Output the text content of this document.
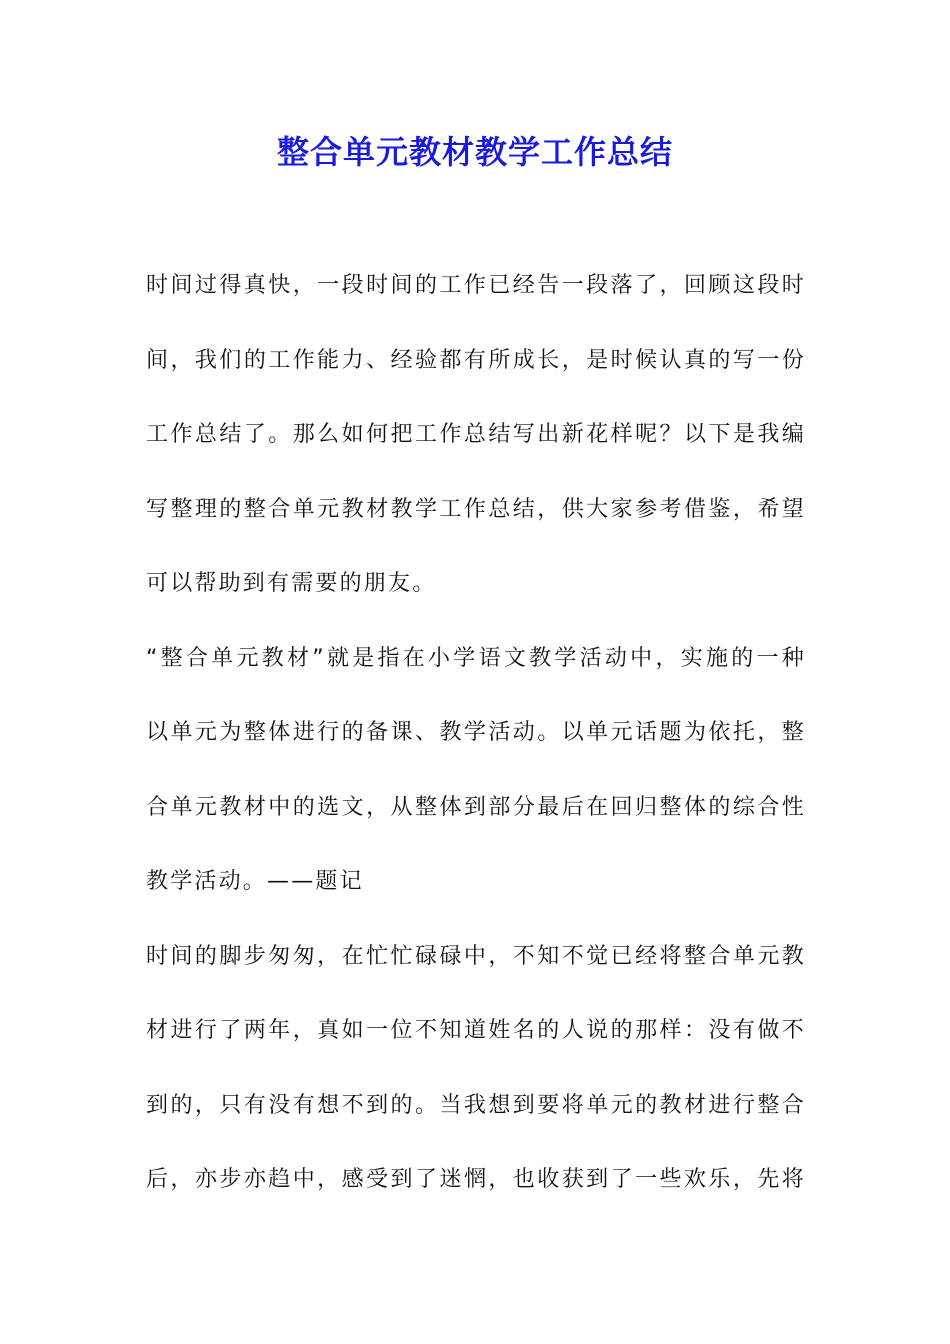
整合单元教材教学工作总结
时间过得真快，一段时间的工作已经告一段落了，回顾这段时
间，我们的工作能力、经验都有所成长，是时候认真的写一份
工作总结了。那么如何把工作总结写出新花样呢？以下是我编
写整理的整合单元教材教学工作总结，供大家参考借鉴，希望
可以帮助到有需要的朋友。
“整合单元教材”就是指在小学语文教学活动中，实施的一种
以单元为整体进行的备课、教学活动。以单元话题为依托，整
合单元教材中的选文，从整体到部分最后在回归整体的综合性
教学活动。——题记
时间的脚步匆匆，在忙忙碌碌中，不知不觉已经将整合单元教
材进行了两年，真如一位不知道姓名的人说的那样：没有做不
到的，只有没有想不到的。当我想到要将单元的教材进行整合
后，亦步亦趋中，感受到了迷惘，也收获到了一些欢乐，先将
